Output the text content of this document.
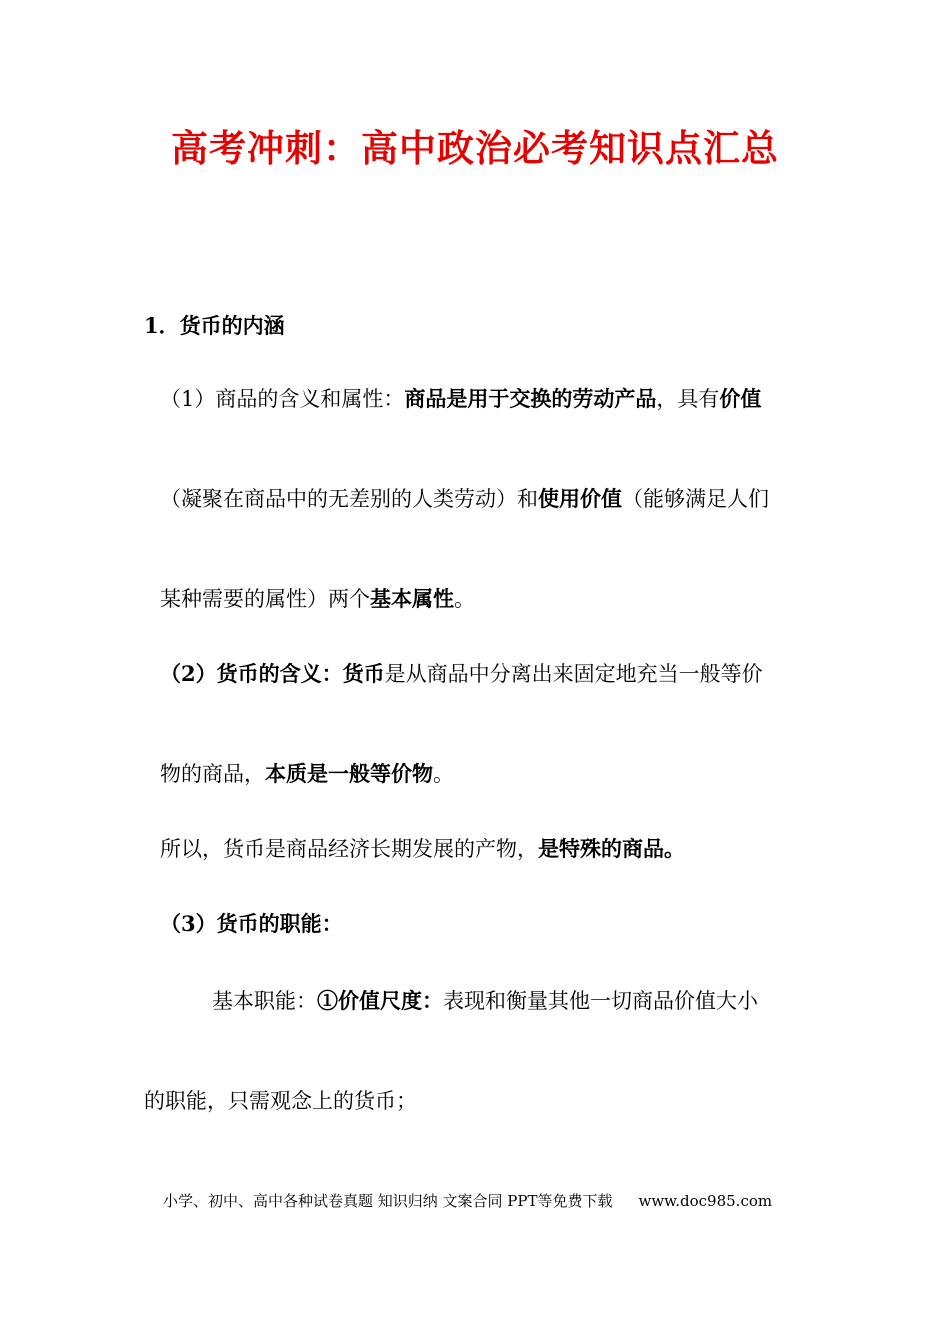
高考冲刺：高中政治必考知识点汇总
1．货币的内涵
（1）商品的含义和属性：商品是用于交换的劳动产品，具有价值
（凝聚在商品中的无差别的人类劳动）和使用价值（能够满足人们
某种需要的属性）两个基本属性。
（2）货币的含义：货币是从商品中分离出来固定地充当一般等价
物的商品，本质是一般等价物。
所以，货币是商品经济长期发展的产物，是特殊的商品。
（3）货币的职能：
基本职能：①价值尺度：表现和衡量其他一切商品价值大小
的职能，只需观念上的货币；
小学、初中、高中各种试卷真题 知识归纳 文案合同 PPT等免费下载 www.doc985.com
